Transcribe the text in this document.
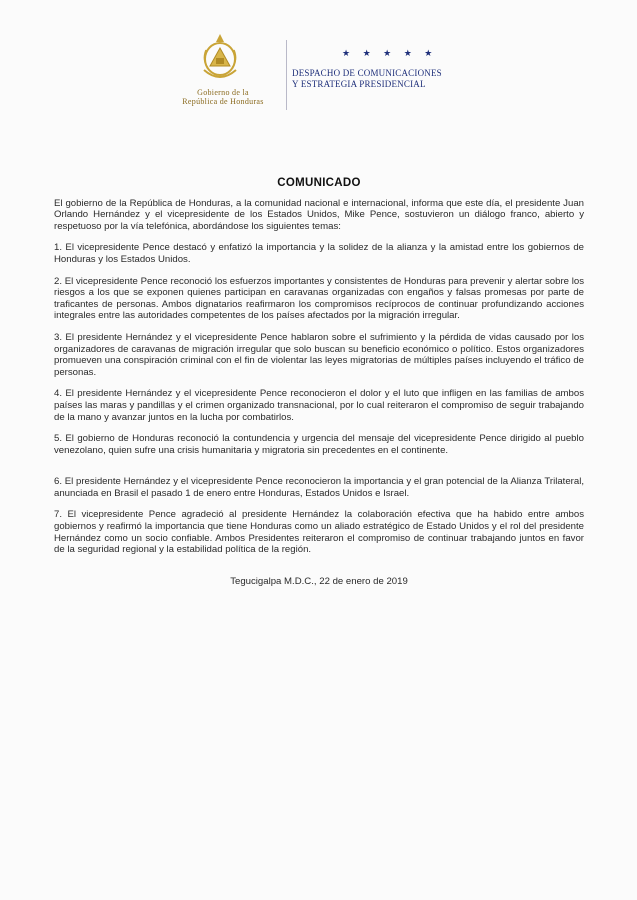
Gobierno de la
República de Honduras
★ ★ ★ ★ ★
DESPACHO DE COMUNICACIONES
Y ESTRATEGIA PRESIDENCIAL
COMUNICADO

El gobierno de la República de Honduras, a la comunidad nacional e internacional, informa que este día, el presidente Juan Orlando Hernández y el vicepresidente de los Estados Unidos, Mike Pence, sostuvieron un diálogo franco, abierto y respetuoso por la vía telefónica, abordándose los siguientes temas:

1. El vicepresidente Pence destacó y enfatizó la importancia y la solidez de la alianza y la amistad entre los gobiernos de Honduras y los Estados Unidos.

2. El vicepresidente Pence reconoció los esfuerzos importantes y consistentes de Honduras para prevenir y alertar sobre los riesgos a los que se exponen quienes participan en caravanas organizadas con engaños y falsas promesas por parte de traficantes de personas. Ambos dignatarios reafirmaron los compromisos recíprocos de continuar profundizando acciones integrales entre las autoridades competentes de los países afectados por la migración irregular.

3. El presidente Hernández y el vicepresidente Pence hablaron sobre el sufrimiento y la pérdida de vidas causado por los organizadores de caravanas de migración irregular que solo buscan su beneficio económico o político. Estos organizadores promueven una conspiración criminal con el fin de violentar las leyes migratorias de múltiples países incluyendo el tráfico de personas.

4. El presidente Hernández y el vicepresidente Pence reconocieron el dolor y el luto que infligen en las familias de ambos países las maras y pandillas y el crimen organizado transnacional, por lo cual reiteraron el compromiso de seguir trabajando de la mano y avanzar juntos en la lucha por combatirlos.

5. El gobierno de Honduras reconoció la contundencia y urgencia del mensaje del vicepresidente Pence dirigido al pueblo venezolano, quien sufre una crisis humanitaria y migratoria sin precedentes en el continente.

6. El presidente Hernández y el vicepresidente Pence reconocieron la importancia y el gran potencial de la Alianza Trilateral, anunciada en Brasil el pasado 1 de enero entre Honduras, Estados Unidos e Israel.

7. El vicepresidente Pence agradeció al presidente Hernández la colaboración efectiva que ha habido entre ambos gobiernos y reafirmó la importancia que tiene Honduras como un aliado estratégico de Estado Unidos y el rol del presidente Hernández como un socio confiable. Ambos Presidentes reiteraron el compromiso de continuar trabajando juntos en favor de la seguridad regional y la estabilidad política de la región.

Tegucigalpa M.D.C., 22 de enero de 2019
